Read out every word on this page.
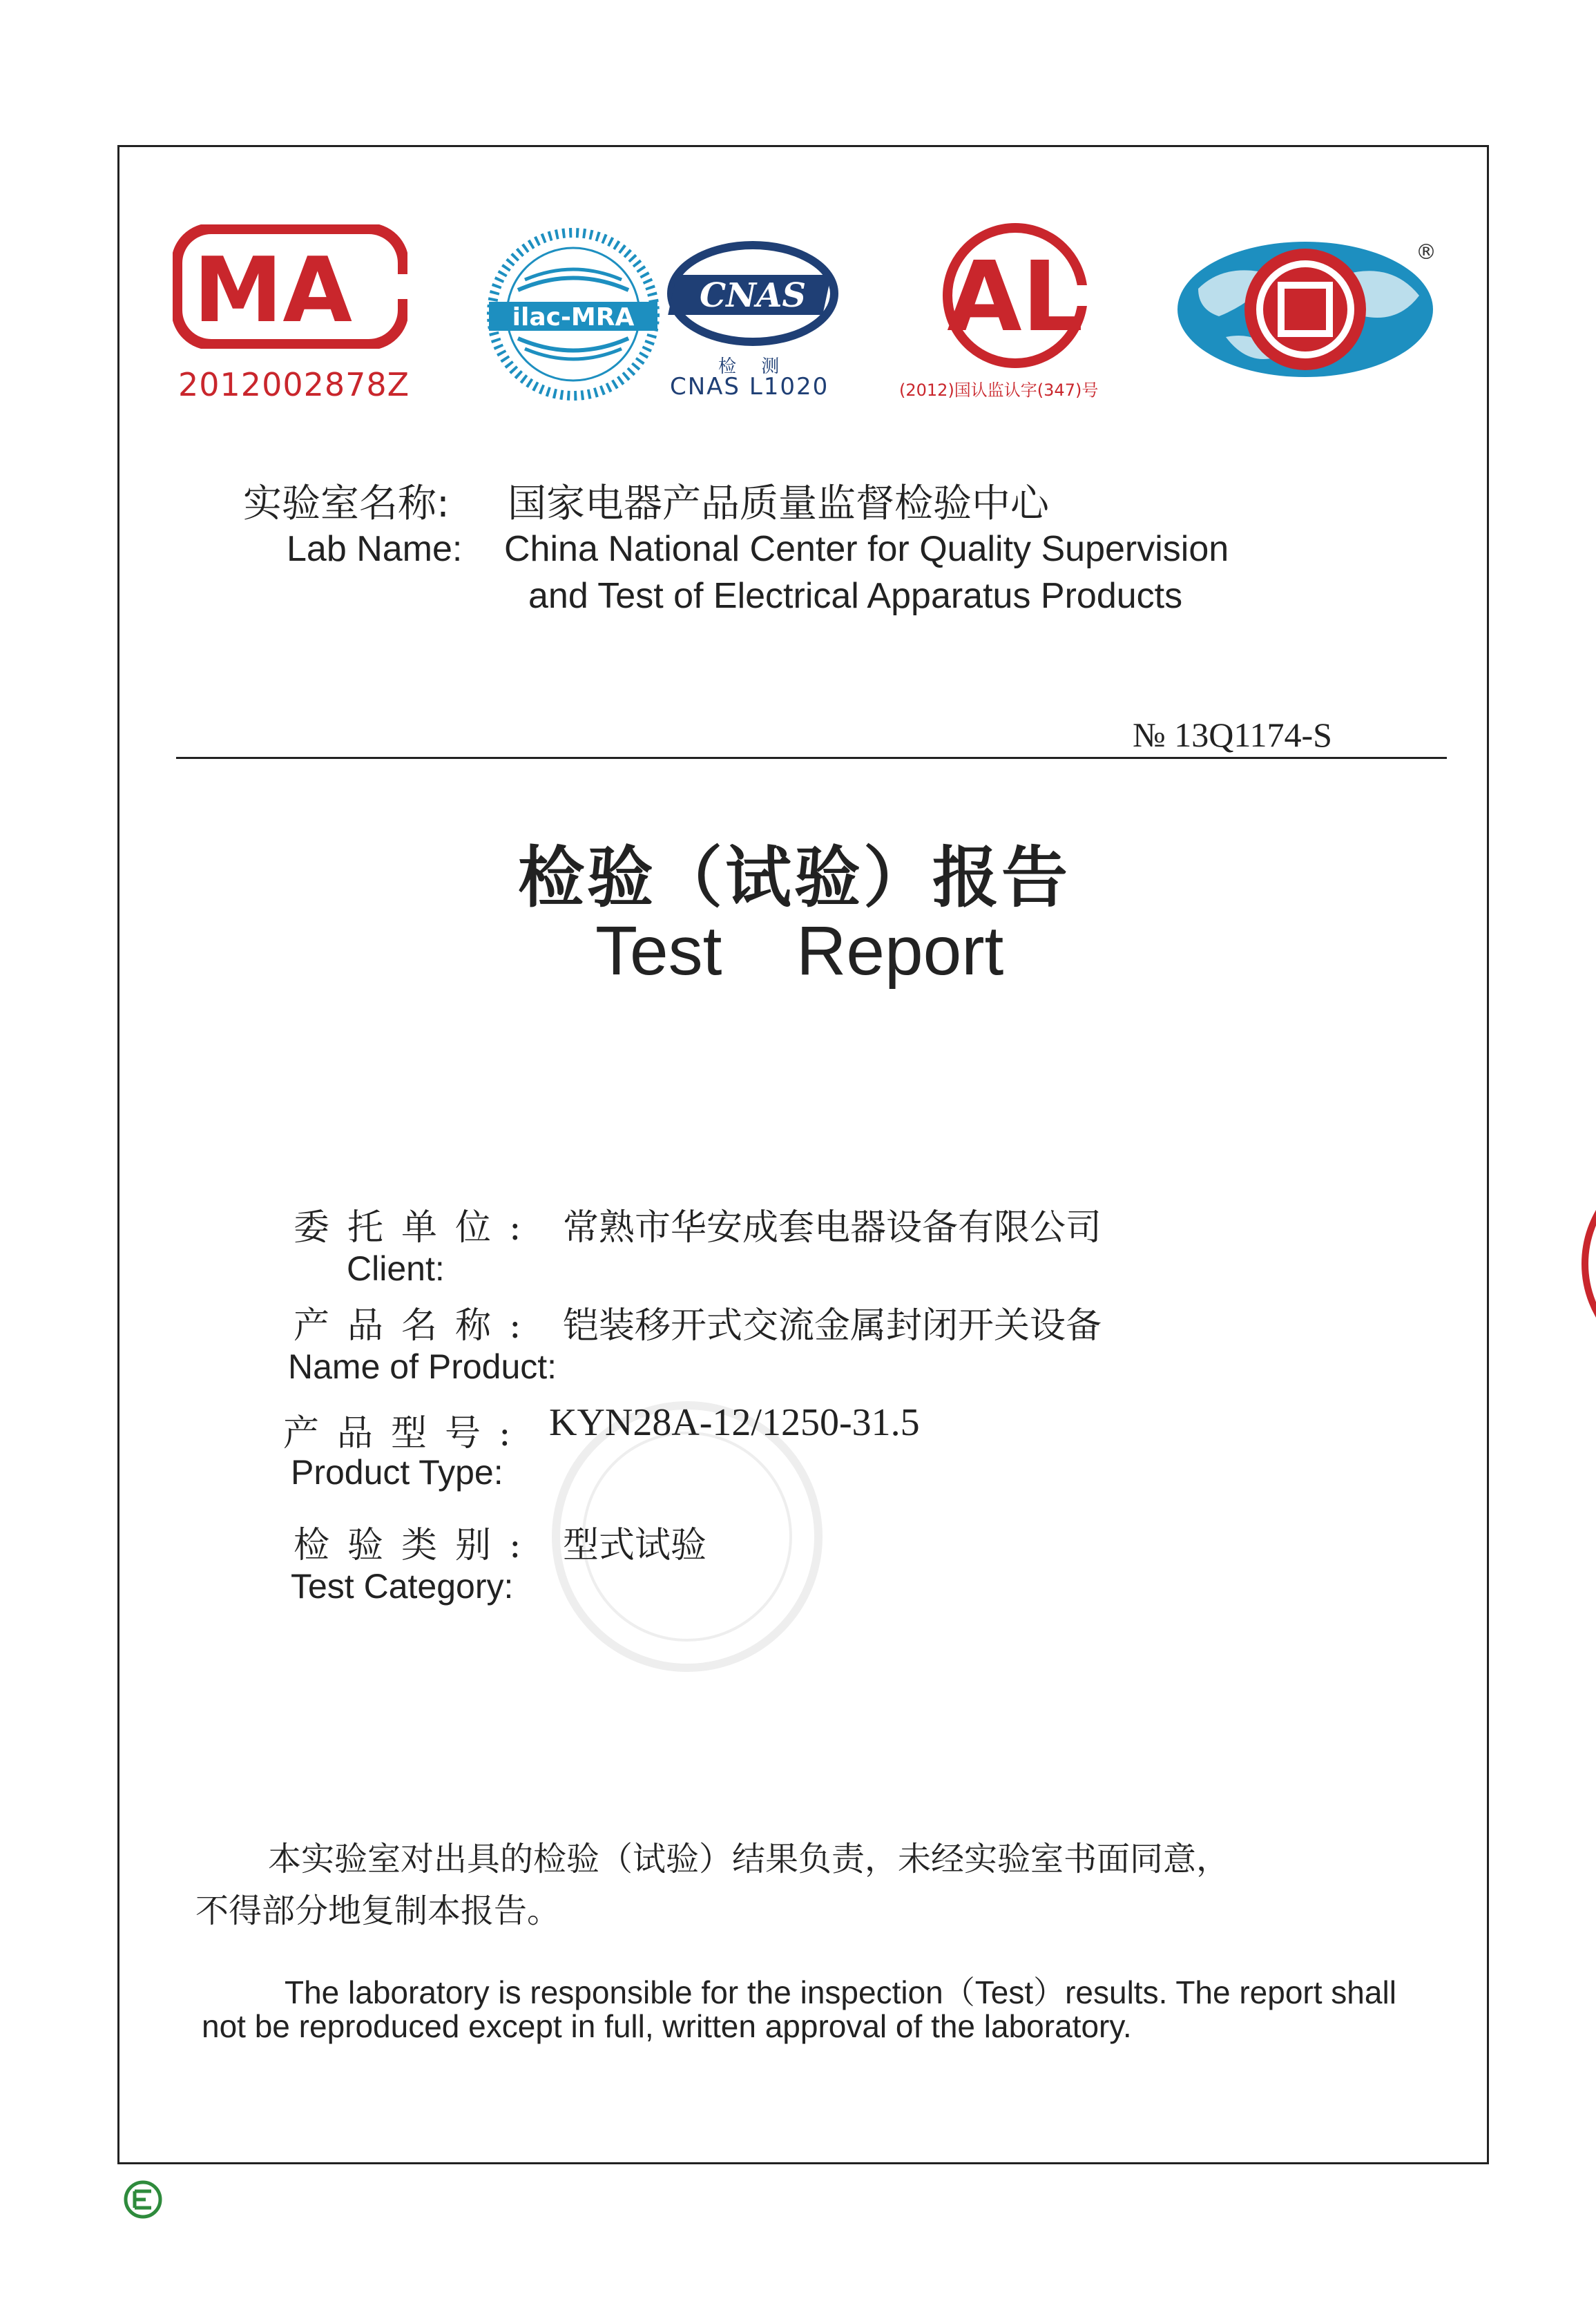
MA
2012002878Z
ilac-MRA
CNAS
检 测
CNAS L1020
AL
(2012)国认监认字(347)号
®
实验室名称: 国家电器产品质量监督检验中心
Lab Name: China National Center for Quality Supervision
and Test of Electrical Apparatus Products
№ 13Q1174-S
检验（试验）报告
Test Report
委托单位: 常熟市华安成套电器设备有限公司
Client:
产品名称: 铠装移开式交流金属封闭开关设备
Name of Product:
产品型号: KYN28A-12/1250-31.5
Product Type:
检验类别: 型式试验
Test Category:
本实验室对出具的检验（试验）结果负责，未经实验室书面同意，
不得部分地复制本报告。
The laboratory is responsible for the inspection（Test）results. The report shall
not be reproduced except in full, written approval of the laboratory.
